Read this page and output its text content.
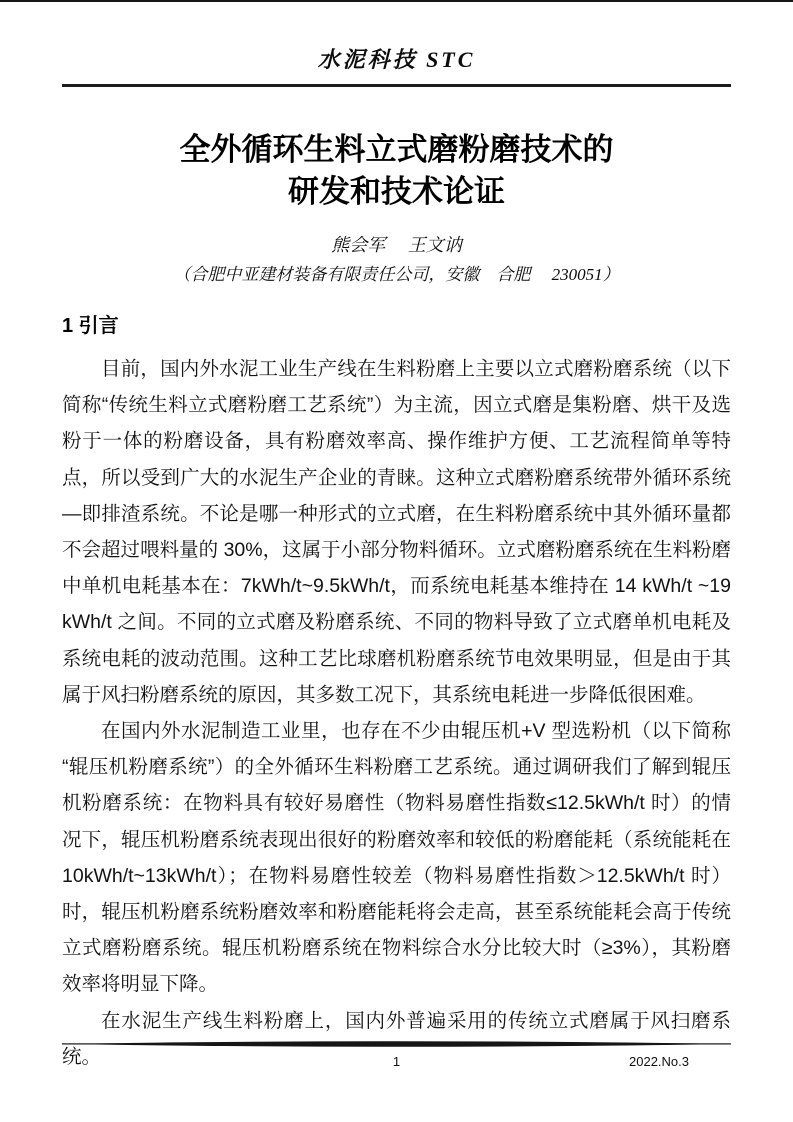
水泥科技 STC
全外循环生料立式磨粉磨技术的
研发和技术论证
熊会军　 王文讷
（合肥中亚建材装备有限责任公司，安徽　合肥　 230051）
1 引言

目前，国内外水泥工业生产线在生料粉磨上主要以立式磨粉磨系统（以下简称“传统生料立式磨粉磨工艺系统”）为主流，因立式磨是集粉磨、烘干及选粉于一体的粉磨设备，具有粉磨效率高、操作维护方便、工艺流程简单等特点，所以受到广大的水泥生产企业的青睐。这种立式磨粉磨系统带外循环系统—即排渣系统。不论是哪一种形式的立式磨，在生料粉磨系统中其外循环量都不会超过喂料量的 30%，这属于小部分物料循环。立式磨粉磨系统在生料粉磨中单机电耗基本在：7kWh/t~9.5kWh/t，而系统电耗基本维持在 14 kWh/t ~19 kWh/t 之间。不同的立式磨及粉磨系统、不同的物料导致了立式磨单机电耗及系统电耗的波动范围。这种工艺比球磨机粉磨系统节电效果明显，但是由于其属于风扫粉磨系统的原因，其多数工况下，其系统电耗进一步降低很困难。

在国内外水泥制造工业里，也存在不少由辊压机+V 型选粉机（以下简称“辊压机粉磨系统”）的全外循环生料粉磨工艺系统。通过调研我们了解到辊压机粉磨系统：在物料具有较好易磨性（物料易磨性指数≤12.5kWh/t 时）的情况下，辊压机粉磨系统表现出很好的粉磨效率和较低的粉磨能耗（系统能耗在10kWh/t~13kWh/t）；在物料易磨性较差（物料易磨性指数＞12.5kWh/t 时）时，辊压机粉磨系统粉磨效率和粉磨能耗将会走高，甚至系统能耗会高于传统立式磨粉磨系统。辊压机粉磨系统在物料综合水分比较大时（≥3%），其粉磨效率将明显下降。

在水泥生产线生料粉磨上，国内外普遍采用的传统立式磨属于风扫磨系统。	1	2022.No.3
